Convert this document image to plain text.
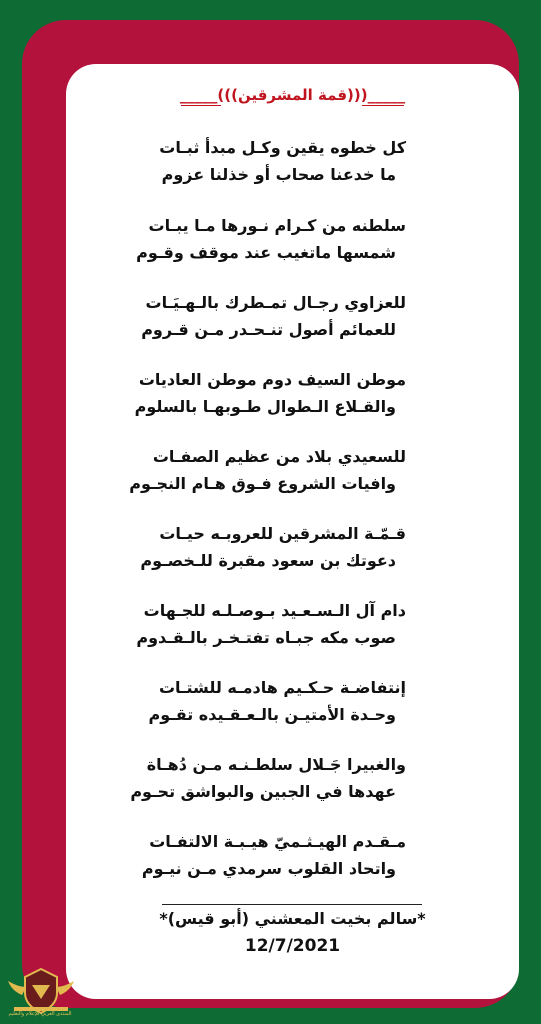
_____(((قمة المشرقين)))_____
كل خطوه يقين وكـل مبدأ ثبـات
ما خدعنا صحاب أو خذلنا عزوم
سلطنه من كـرام نـورها مـا يبـات
شمسها ماتغيب عند موقف وقـوم
للعزاوي رجـال تمـطرك بالـهـيَـات
للعمائم أصول تنـحـدر مـن قـروم
موطن السيف دوم موطن العاديات
والقـلاع الـطوال طـوبهـا بالسلوم
للسعيدي بلاد من عظيم الصفـات
وافيات الشروع فـوق هـام النجـوم
قـمّـة المشرقين للعروبـه حيـات
دعوتك بن سعود مقبرة للـخصـوم
دام آل الـسـعـيد بـوصـلـه للجـهات
صوب مكه جبـاه تفتـخـر بالـقـدوم
إنتفاضـة حـكـيم هادمـه للشتـات
وحـدة الأمتيـن بالـعـقـيده تقـوم
والغبيرا جَـلال سلطـنـه مـن دُهـاة
عهدها في الجبين والبواشق تحـوم
مـقـدم الهيـثـميّ هيـبـة الالتفـات
واتحاد القلوب سرمدي مـن نيـوم
*سالم بخيت المعشني (أبو قيس)*
12/7/2021
المنتدى العربي للإعلام والتعليم
